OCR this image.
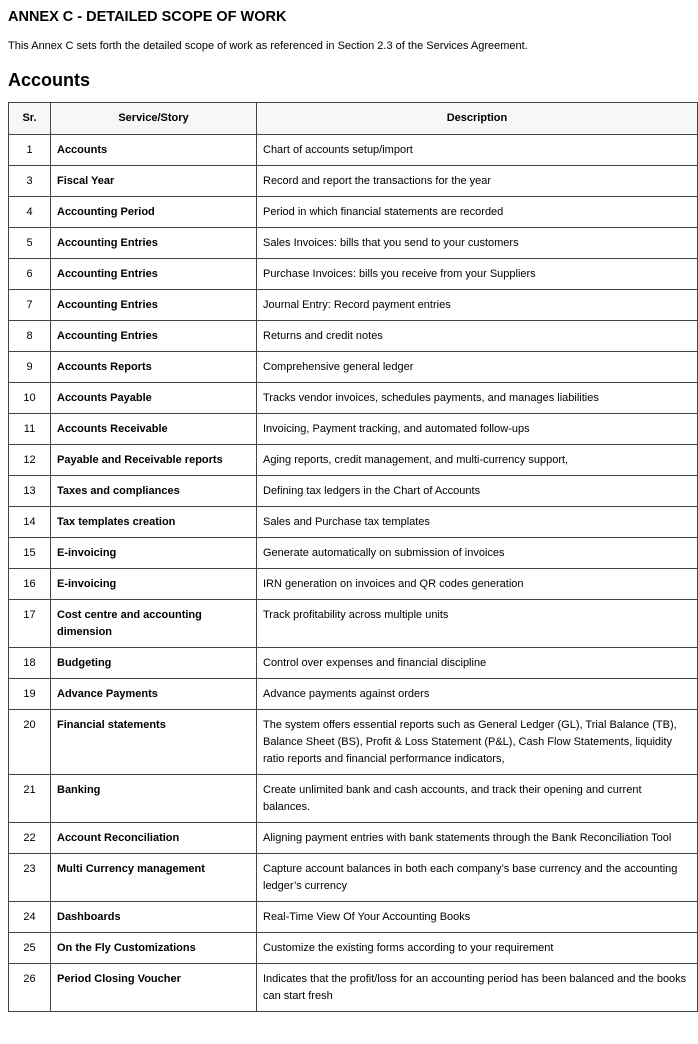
ANNEX C - DETAILED SCOPE OF WORK

This Annex C sets forth the detailed scope of work as referenced in Section 2.3 of the Services Agreement.

Accounts
Sr.	Service/Story	Description
1	Accounts	Chart of accounts setup/import
3	Fiscal Year	Record and report the transactions for the year
4	Accounting Period	Period in which financial statements are recorded
5	Accounting Entries	Sales Invoices: bills that you send to your customers
6	Accounting Entries	Purchase Invoices: bills you receive from your Suppliers
7	Accounting Entries	Journal Entry: Record payment entries
8	Accounting Entries	Returns and credit notes
9	Accounts Reports	Comprehensive general ledger
10	Accounts Payable	Tracks vendor invoices, schedules payments, and manages liabilities
11	Accounts Receivable	Invoicing, Payment tracking, and automated follow-ups
12	Payable and Receivable reports	Aging reports, credit management, and multi-currency support,
13	Taxes and compliances	Defining tax ledgers in the Chart of Accounts
14	Tax templates creation	Sales and Purchase tax templates
15	E-invoicing	Generate automatically on submission of invoices
16	E-invoicing	IRN generation on invoices and QR codes generation
17	Cost centre and accounting dimension	Track profitability across multiple units
18	Budgeting	Control over expenses and financial discipline
19	Advance Payments	Advance payments against orders
20	Financial statements	The system offers essential reports such as General Ledger (GL), Trial Balance (TB), Balance Sheet (BS), Profit & Loss Statement (P&L), Cash Flow Statements, liquidity ratio reports and financial performance indicators,
21	Banking	Create unlimited bank and cash accounts, and track their opening and current balances.
22	Account Reconciliation	Aligning payment entries with bank statements through the Bank Reconciliation Tool
23	Multi Currency management	Capture account balances in both each company’s base currency and the accounting ledger’s currency
24	Dashboards	Real-Time View Of Your Accounting Books
25	On the Fly Customizations	Customize the existing forms according to your requirement
26	Period Closing Voucher	Indicates that the profit/loss for an accounting period has been balanced and the books can start fresh
